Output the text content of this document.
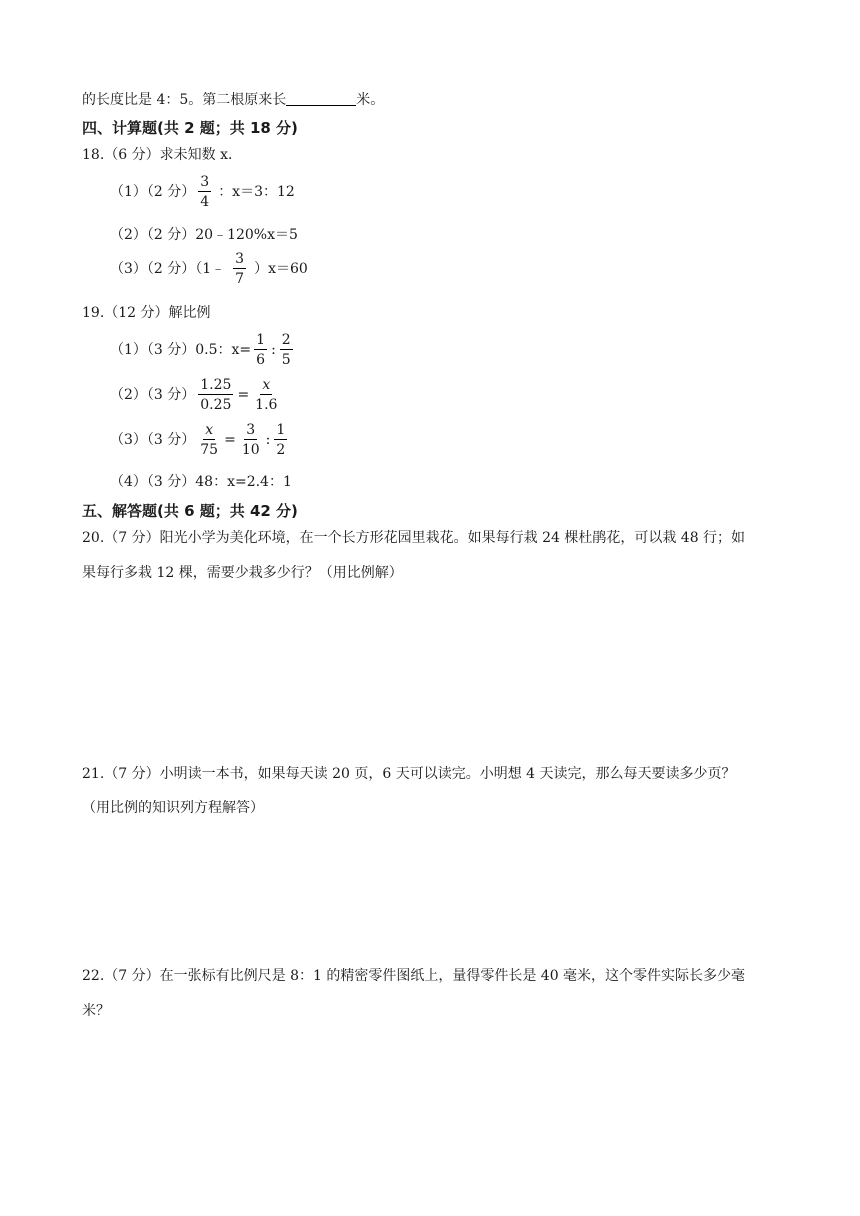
的长度比是 4：5。第二根原来长	米。
四、计算题(共 2 题；共 18 分)
18.（6 分）求未知数 x．
（1）（2 分） $\frac{3}{4}$ ：x＝3：12
（2）（2 分）20﹣120%x＝5
（3）（2 分）（1﹣ $\frac{3}{7} )x=60$
19.（12 分）解比例
（1）（3 分）0.5：$x= \frac{1}{6}$ : $\frac{2}{5}$
（2）（3 分） $\frac{1.25}{0.25} = \frac{x}{1.6}$
（3）（3 分） $\frac{x}{75} = \frac{3}{10}$ : $\frac{1}{2}$
（4）（3 分）48：x=2.4：1
五、解答题(共 6 题；共 42 分)
20.（7 分）阳光小学为美化环境，在一个长方形花园里栽花。如果每行栽 24 棵杜鹃花，可以栽 48 行；如
果每行多栽 12 棵，需要少栽多少行？（用比例解）
21.（7 分）小明读一本书，如果每天读 20 页，6 天可以读完。小明想 4 天读完，那么每天要读多少页？
（用比例的知识列方程解答）
22.（7 分）在一张标有比例尺是 8：1 的精密零件图纸上，量得零件长是 40 毫米，这个零件实际长多少毫
米？
